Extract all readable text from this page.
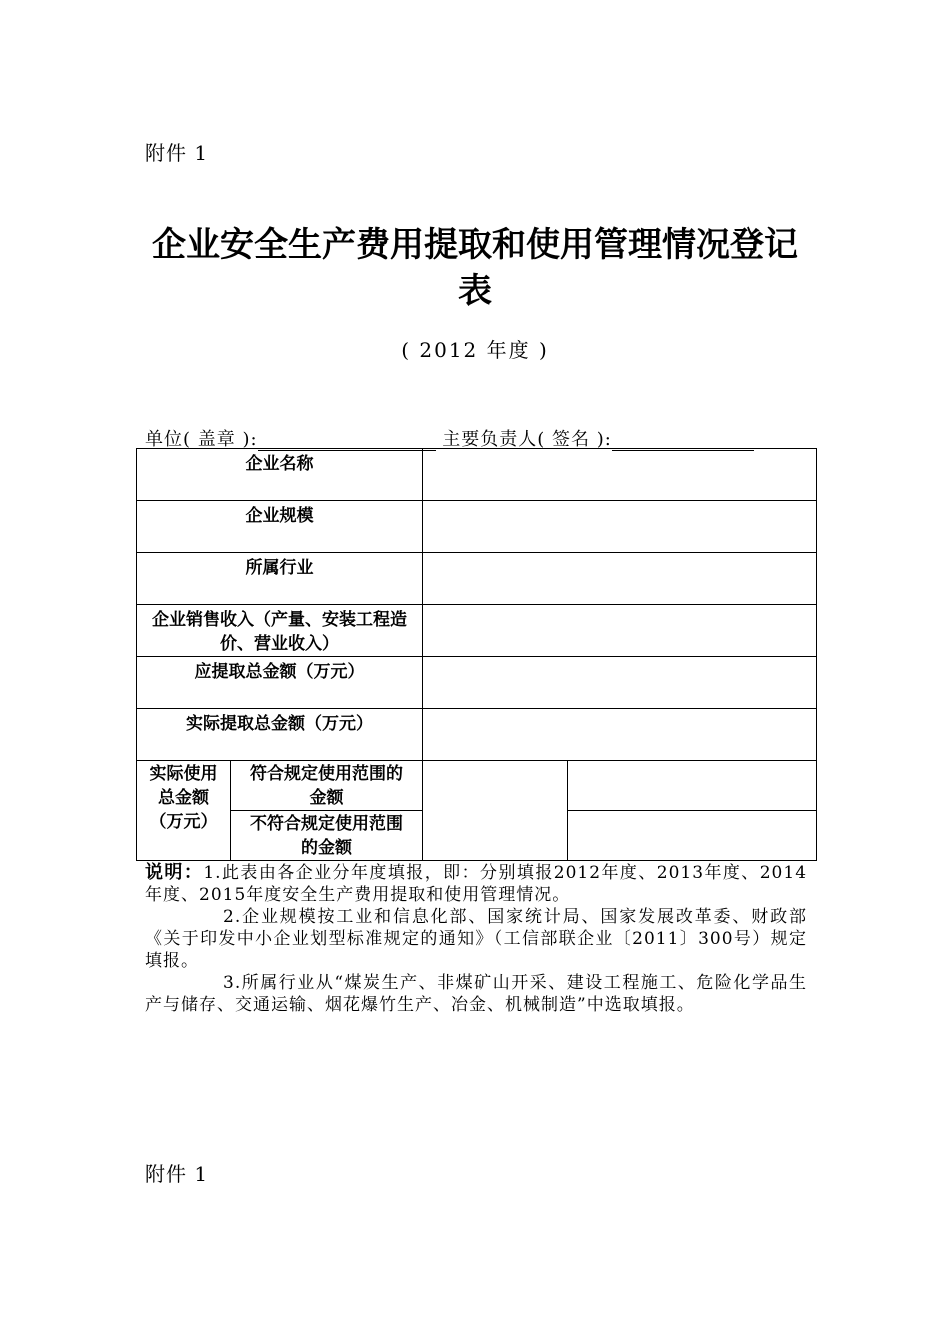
附件 1
企业安全生产费用提取和使用管理情况登记表
( 2012 年度 )
单位( 盖章 ):	主要负责人( 签名 ):
企业名称			
企业规模			
所属行业			
企业销售收入（产量、安装工程造价、营业收入）			
应提取总金额（万元）			
实际提取总金额（万元）			
实际使用总金额（万元）	符合规定使用范围的金额		
	不符合规定使用范围的金额		

说明：1.此表由各企业分年度填报，即：分别填报2012年度、2013年度、2014年度、2015年度安全生产费用提取和使用管理情况。

2.企业规模按工业和信息化部、国家统计局、国家发展改革委、财政部《关于印发中小企业划型标准规定的通知》（工信部联企业〔2011〕300号）规定填报。

3.所属行业从“煤炭生产、非煤矿山开采、建设工程施工、危险化学品生产与储存、交通运输、烟花爆竹生产、冶金、机械制造”中选取填报。

附件 1
